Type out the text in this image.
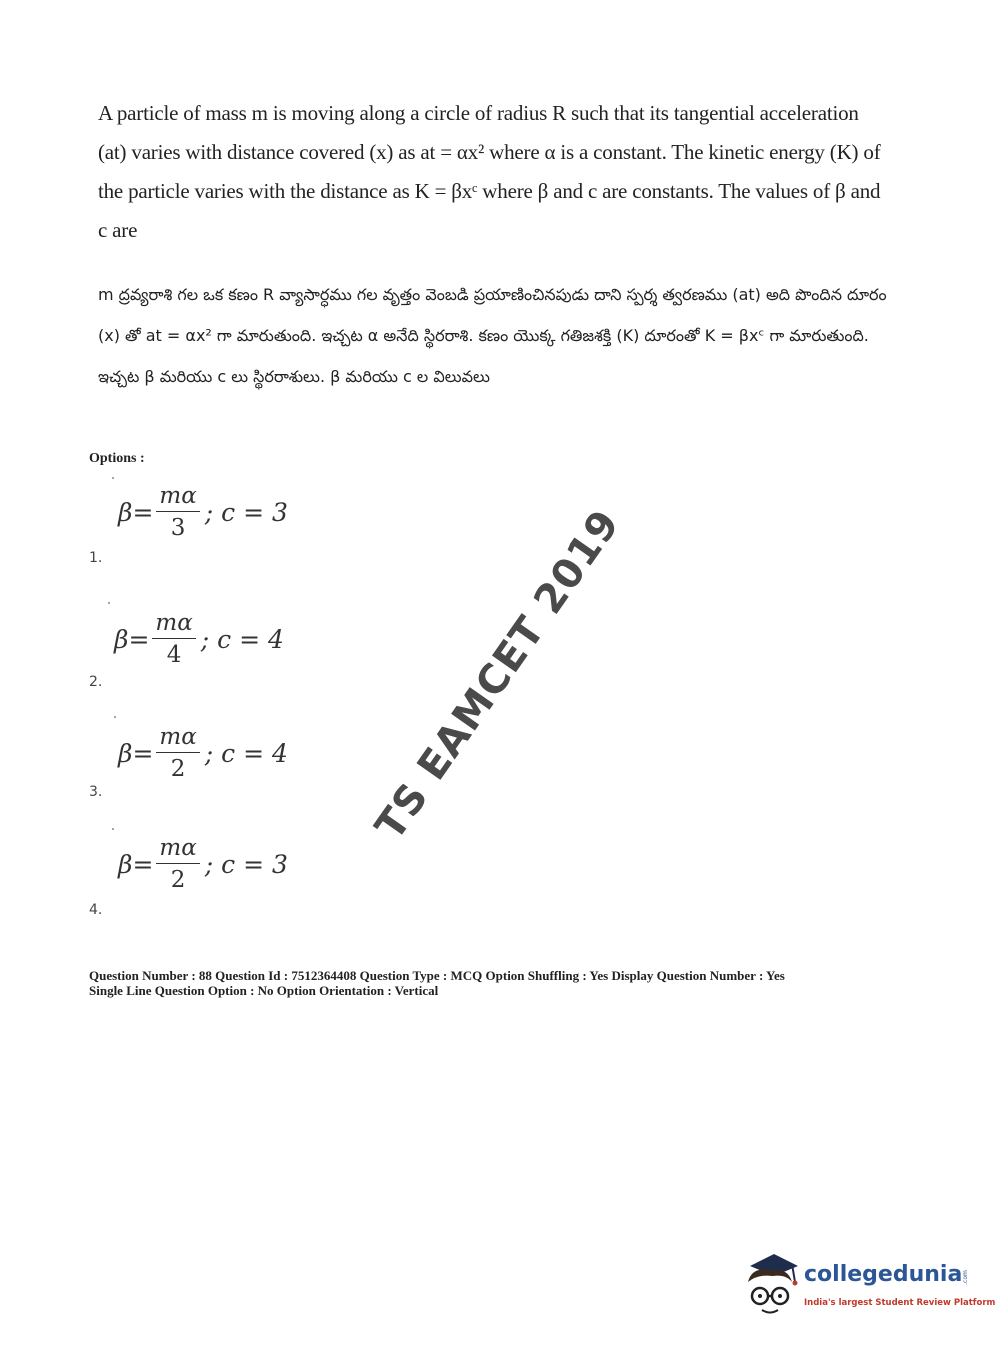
A particle of mass m is moving along a circle of radius R such that its tangential acceleration (at) varies with distance covered (x) as at = αx² where α is a constant. The kinetic energy (K) of the particle varies with the distance as K = βxᶜ where β and c are constants. The values of β and c are
m ద్రవ్యరాశి గల ఒక కణం R వ్యాసార్ధము గల వృత్తం వెంబడి ప్రయాణించినపుడు దాని స్పర్శ త్వరణము (at) అది పొందిన దూరం (x) తో at = αx² గా మారుతుంది. ఇచ్చట α అనేది స్థిరరాశి. కణం యొక్క గతిజశక్తి (K) దూరంతో K = βxᶜ గా మారుతుంది. ఇచ్చట β మరియు c లు స్థిరరాశులు. β మరియు c ల విలువలు
Options :
$\beta = \frac{m\alpha}{3}$ ; c = 3
1.
$\beta = \frac{m\alpha}{4}$ ; c = 4
2.
$\beta = \frac{m\alpha}{2}$ ; c = 4
3.
$\beta = \frac{m\alpha}{2}$ ; c = 3
4.
TS EAMCET 2019
Question Number : 88 Question Id : 7512364408 Question Type : MCQ Option Shuffling : Yes Display Question Number : Yes
Single Line Question Option : No Option Orientation : Vertical
collegedunia .com
India's largest Student Review Platform
